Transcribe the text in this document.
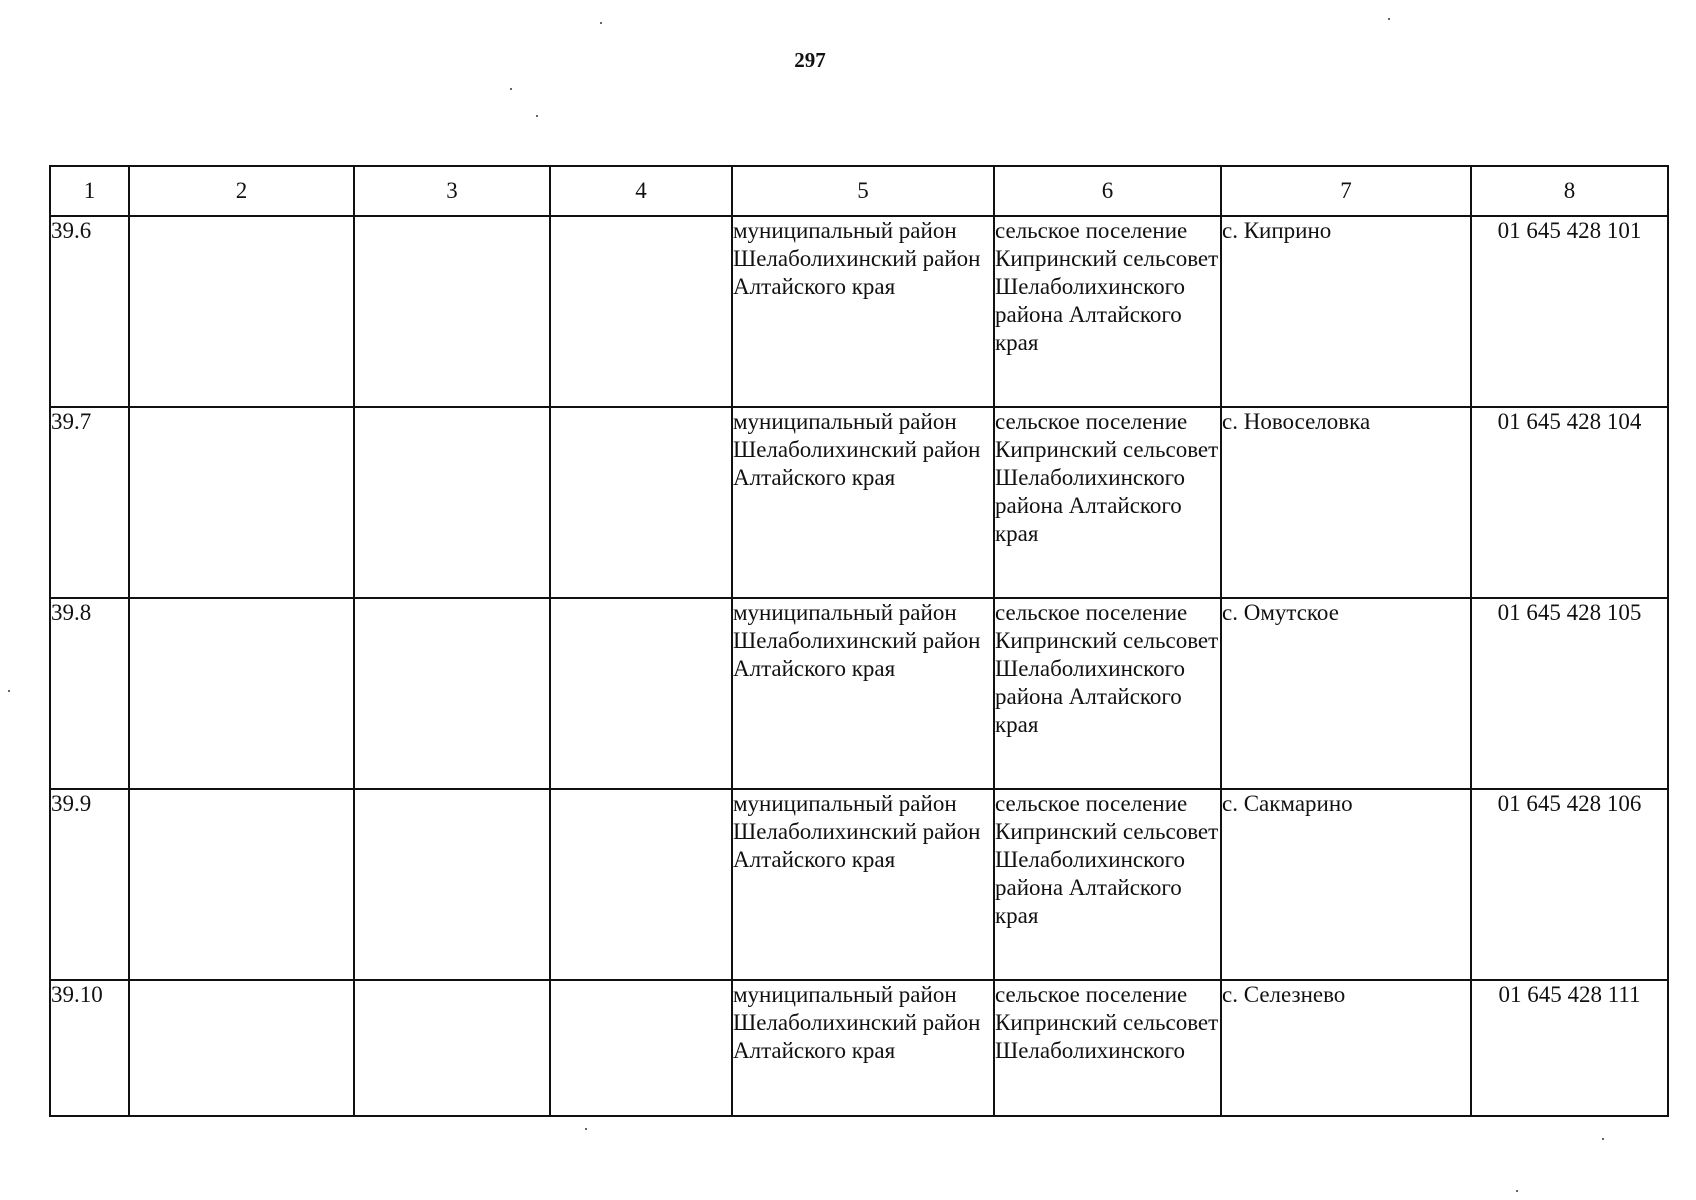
297
1	2	3	4	5	6	7	8
39.6				муниципальный район Шелаболихинский район Алтайского края	сельское поселение Кипринский сельсовет Шелаболихинского района Алтайского края	с. Киприно	01 645 428 101
39.7				муниципальный район Шелаболихинский район Алтайского края	сельское поселение Кипринский сельсовет Шелаболихинского района Алтайского края	с. Новоселовка	01 645 428 104
39.8				муниципальный район Шелаболихинский район Алтайского края	сельское поселение Кипринский сельсовет Шелаболихинского района Алтайского края	с. Омутское	01 645 428 105
39.9				муниципальный район Шелаболихинский район Алтайского края	сельское поселение Кипринский сельсовет Шелаболихинского района Алтайского края	с. Сакмарино	01 645 428 106
39.10				муниципальный район Шелаболихинский район Алтайского края	сельское поселение Кипринский сельсовет Шелаболихинского	с. Селезнево	01 645 428 111
